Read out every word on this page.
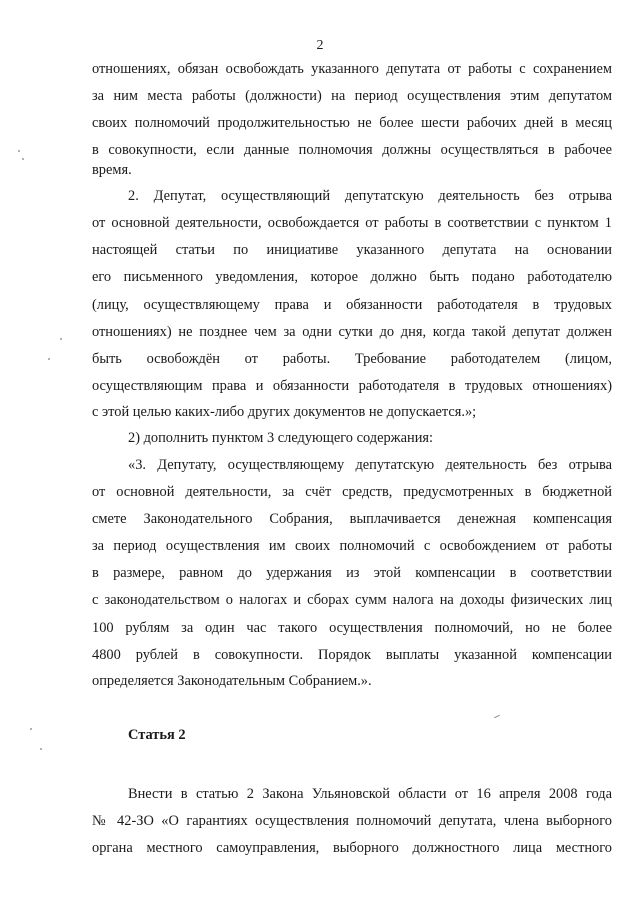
2
отношениях, обязан освобождать указанного депутата от работы с сохранением
за ним места работы (должности) на период осуществления этим депутатом
своих полномочий продолжительностью не более шести рабочих дней в месяц
в совокупности, если данные полномочия должны осуществляться в рабочее
время.
2. Депутат, осуществляющий депутатскую деятельность без отрыва
от основной деятельности, освобождается от работы в соответствии с пунктом 1
настоящей статьи по инициативе указанного депутата на основании
его письменного уведомления, которое должно быть подано работодателю
(лицу, осуществляющему права и обязанности работодателя в трудовых
отношениях) не позднее чем за одни сутки до дня, когда такой депутат должен
быть освобождён от работы. Требование работодателем (лицом,
осуществляющим права и обязанности работодателя в трудовых отношениях)
с этой целью каких-либо других документов не допускается.»;
2) дополнить пунктом 3 следующего содержания:
«3. Депутату, осуществляющему депутатскую деятельность без отрыва
от основной деятельности, за счёт средств, предусмотренных в бюджетной
смете Законодательного Собрания, выплачивается денежная компенсация
за период осуществления им своих полномочий с освобождением от работы
в размере, равном до удержания из этой компенсации в соответствии
с законодательством о налогах и сборах сумм налога на доходы физических лиц
100 рублям за один час такого осуществления полномочий, но не более
4800 рублей в совокупности. Порядок выплаты указанной компенсации
определяется Законодательным Собранием.».
Статья 2
Внести в статью 2 Закона Ульяновской области от 16 апреля 2008 года
№ 42-ЗО «О гарантиях осуществления полномочий депутата, члена выборного
органа местного самоуправления, выборного должностного лица местного
